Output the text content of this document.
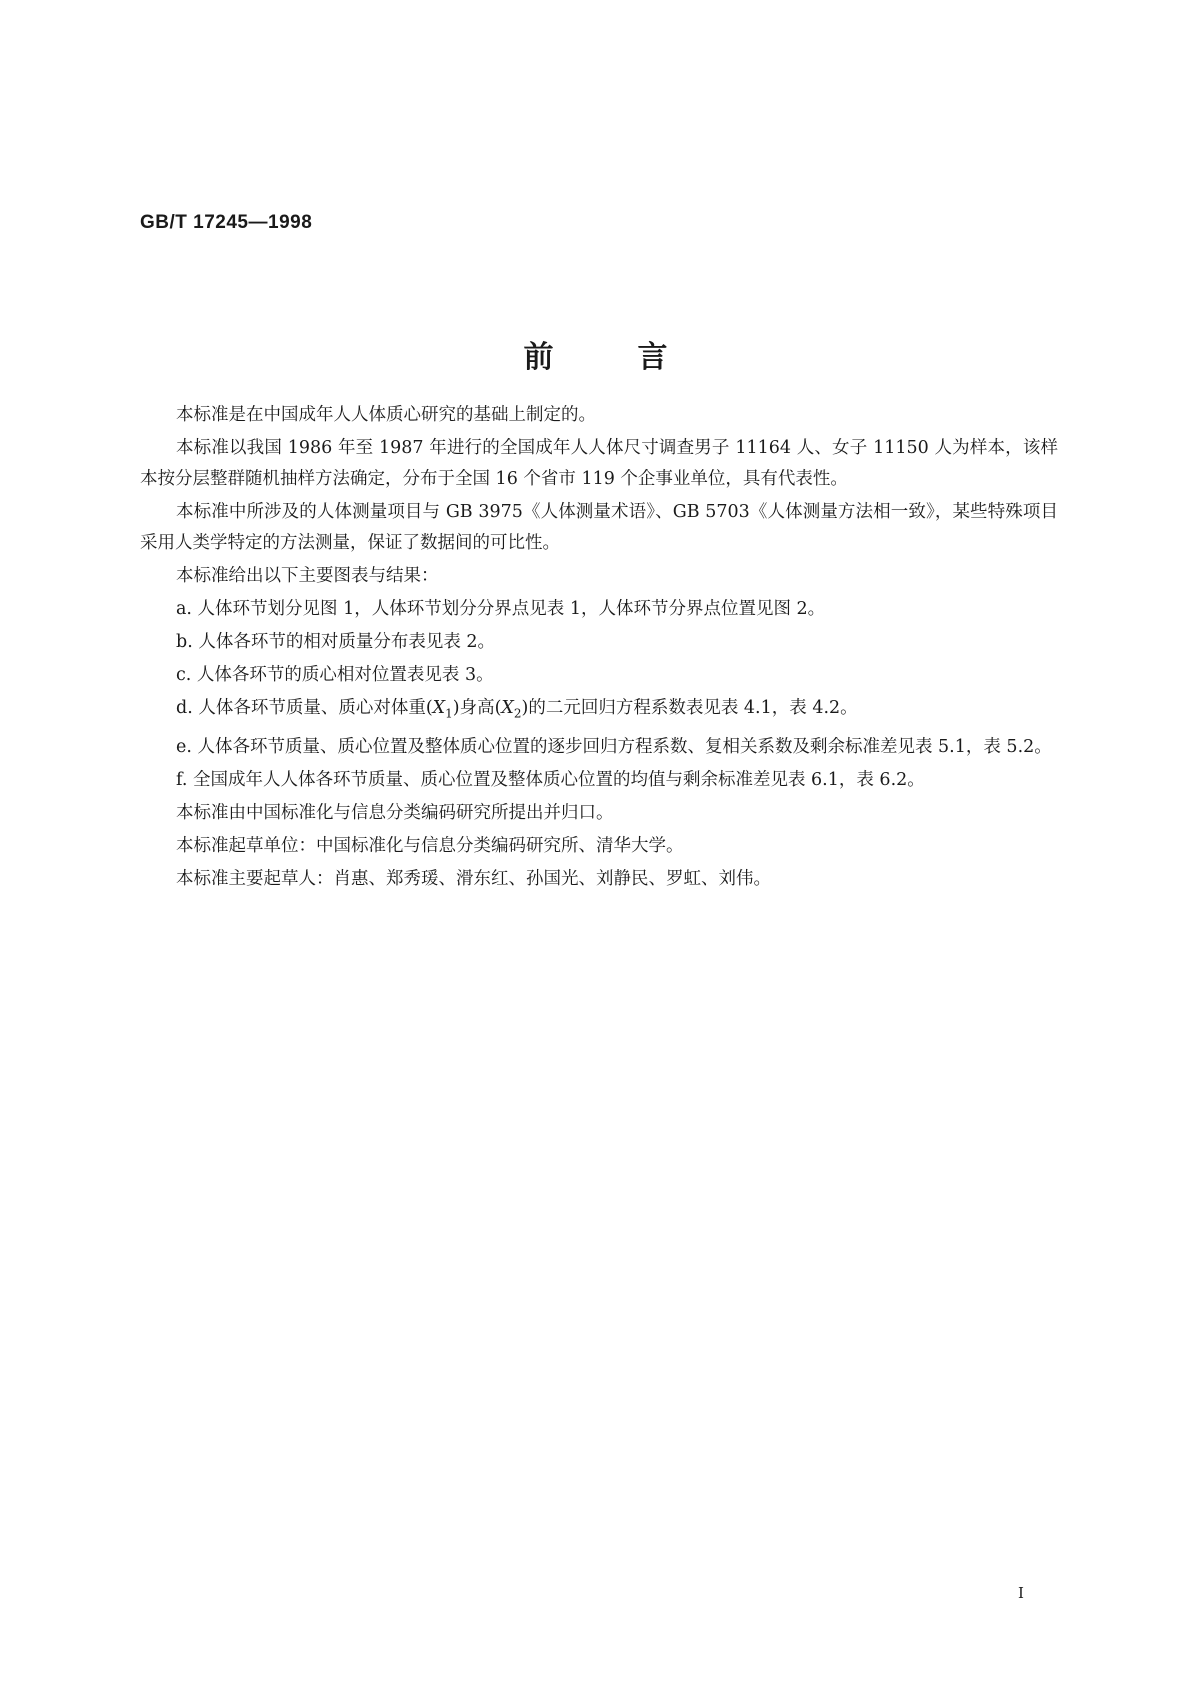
GB/T 17245—1998
前言

本标准是在中国成年人人体质心研究的基础上制定的。

本标准以我国 1986 年至 1987 年进行的全国成年人人体尺寸调查男子 11164 人、女子 11150 人为样本，该样本按分层整群随机抽样方法确定，分布于全国 16 个省市 119 个企事业单位，具有代表性。

本标准中所涉及的人体测量项目与 GB 3975《人体测量术语》、GB 5703《人体测量方法相一致》，某些特殊项目采用人类学特定的方法测量，保证了数据间的可比性。

本标准给出以下主要图表与结果：

a. 人体环节划分见图 1，人体环节划分分界点见表 1，人体环节分界点位置见图 2。

b. 人体各环节的相对质量分布表见表 2。

c. 人体各环节的质心相对位置表见表 3。

d. 人体各环节质量、质心对体重$(X_1)$身高$(X_2)$的二元回归方程系数表见表 4.1，表 4.2。

e. 人体各环节质量、质心位置及整体质心位置的逐步回归方程系数、复相关系数及剩余标准差见表 5.1，表 5.2。

f. 全国成年人人体各环节质量、质心位置及整体质心位置的均值与剩余标准差见表 6.1，表 6.2。

本标准由中国标准化与信息分类编码研究所提出并归口。

本标准起草单位：中国标准化与信息分类编码研究所、清华大学。

本标准主要起草人：肖惠、郑秀瑗、滑东红、孙国光、刘静民、罗虹、刘伟。

I
